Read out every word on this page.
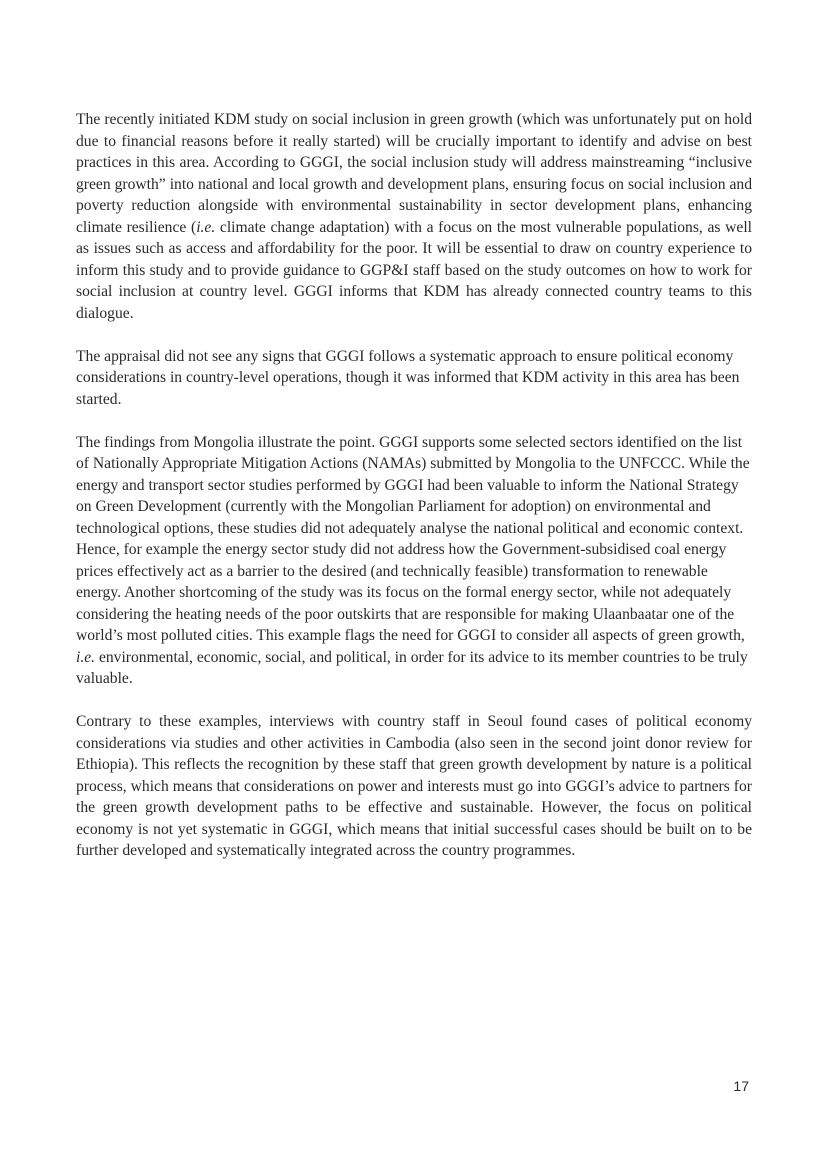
The recently initiated KDM study on social inclusion in green growth (which was unfortunately put on hold due to financial reasons before it really started) will be crucially important to identify and advise on best practices in this area. According to GGGI, the social inclusion study will address mainstreaming “inclusive green growth” into national and local growth and development plans, ensuring focus on social inclusion and poverty reduction alongside with environmental sustainability in sector development plans, enhancing climate resilience (i.e. climate change adaptation) with a focus on the most vulnerable populations, as well as issues such as access and affordability for the poor. It will be essential to draw on country experience to inform this study and to provide guidance to GGP&I staff based on the study outcomes on how to work for social inclusion at country level. GGGI informs that KDM has already connected country teams to this dialogue.

The appraisal did not see any signs that GGGI follows a systematic approach to ensure political economy considerations in country-level operations, though it was informed that KDM activity in this area has been started.

The findings from Mongolia illustrate the point. GGGI supports some selected sectors identified on the list of Nationally Appropriate Mitigation Actions (NAMAs) submitted by Mongolia to the UNFCCC. While the energy and transport sector studies performed by GGGI had been valuable to inform the National Strategy on Green Development (currently with the Mongolian Parliament for adoption) on environmental and technological options, these studies did not adequately analyse the national political and economic context. Hence, for example the energy sector study did not address how the Government-subsidised coal energy prices effectively act as a barrier to the desired (and technically feasible) transformation to renewable energy. Another shortcoming of the study was its focus on the formal energy sector, while not adequately considering the heating needs of the poor outskirts that are responsible for making Ulaanbaatar one of the world’s most polluted cities. This example flags the need for GGGI to consider all aspects of green growth, i.e. environmental, economic, social, and political, in order for its advice to its member countries to be truly valuable.

Contrary to these examples, interviews with country staff in Seoul found cases of political economy considerations via studies and other activities in Cambodia (also seen in the second joint donor review for Ethiopia). This reflects the recognition by these staff that green growth development by nature is a political process, which means that considerations on power and interests must go into GGGI’s advice to partners for the green growth development paths to be effective and sustainable. However, the focus on political economy is not yet systematic in GGGI, which means that initial successful cases should be built on to be further developed and systematically integrated across the country programmes.

17
